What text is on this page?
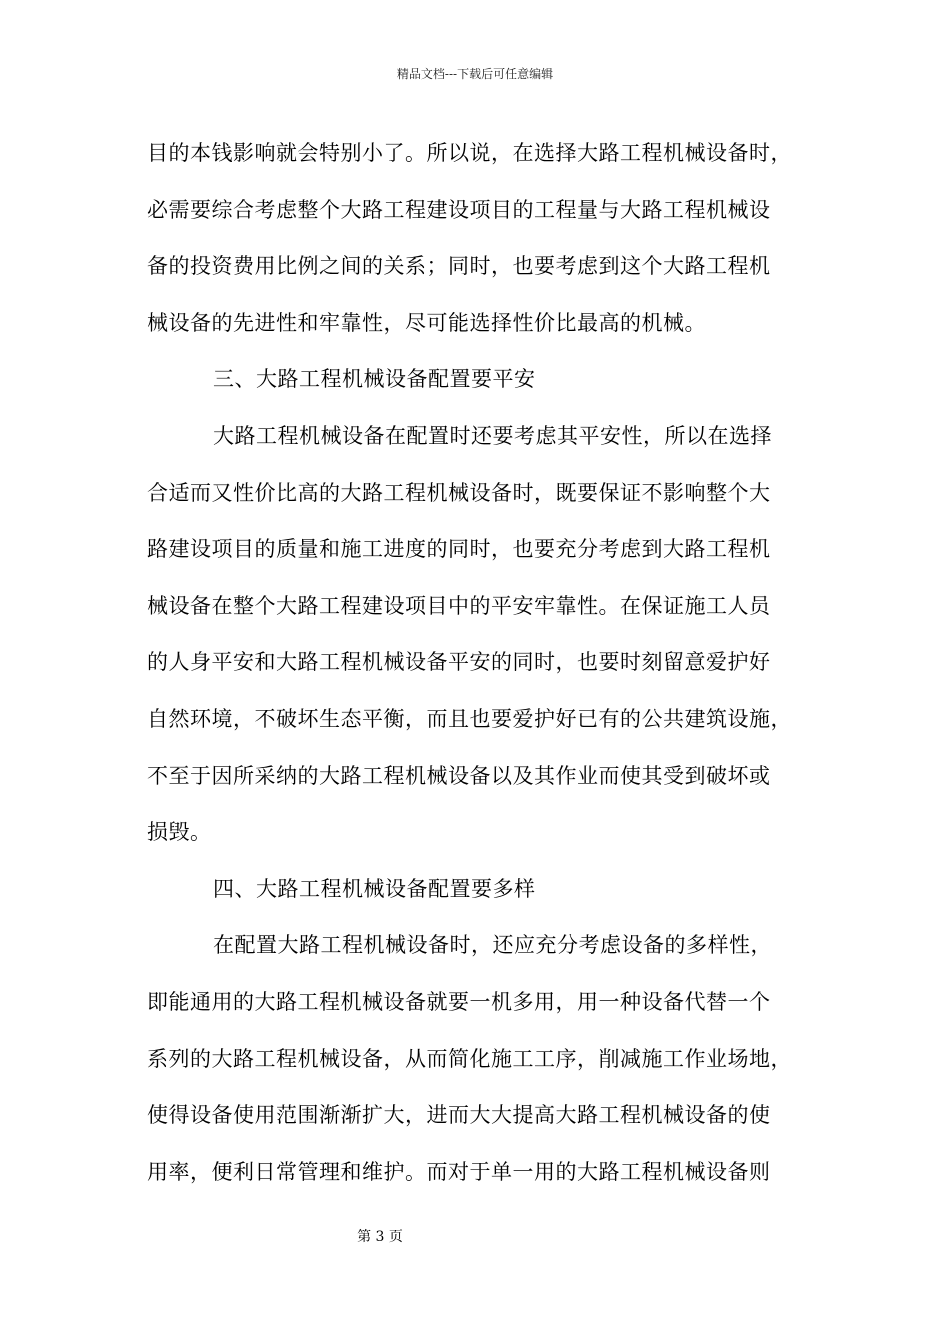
精品文档---下载后可任意编辑
目的本钱影响就会特别小了。所以说，在选择大路工程机械设备时，
必需要综合考虑整个大路工程建设项目的工程量与大路工程机械设
备的投资费用比例之间的关系；同时，也要考虑到这个大路工程机
械设备的先进性和牢靠性，尽可能选择性价比最高的机械。
三、大路工程机械设备配置要平安
大路工程机械设备在配置时还要考虑其平安性，所以在选择
合适而又性价比高的大路工程机械设备时，既要保证不影响整个大
路建设项目的质量和施工进度的同时，也要充分考虑到大路工程机
械设备在整个大路工程建设项目中的平安牢靠性。在保证施工人员
的人身平安和大路工程机械设备平安的同时，也要时刻留意爱护好
自然环境，不破坏生态平衡，而且也要爱护好已有的公共建筑设施，
不至于因所采纳的大路工程机械设备以及其作业而使其受到破坏或
损毁。
四、大路工程机械设备配置要多样
在配置大路工程机械设备时，还应充分考虑设备的多样性，
即能通用的大路工程机械设备就要一机多用，用一种设备代替一个
系列的大路工程机械设备，从而简化施工工序，削减施工作业场地，
使得设备使用范围渐渐扩大，进而大大提高大路工程机械设备的使
用率，便利日常管理和维护。而对于单一用的大路工程机械设备则
第 3 页
